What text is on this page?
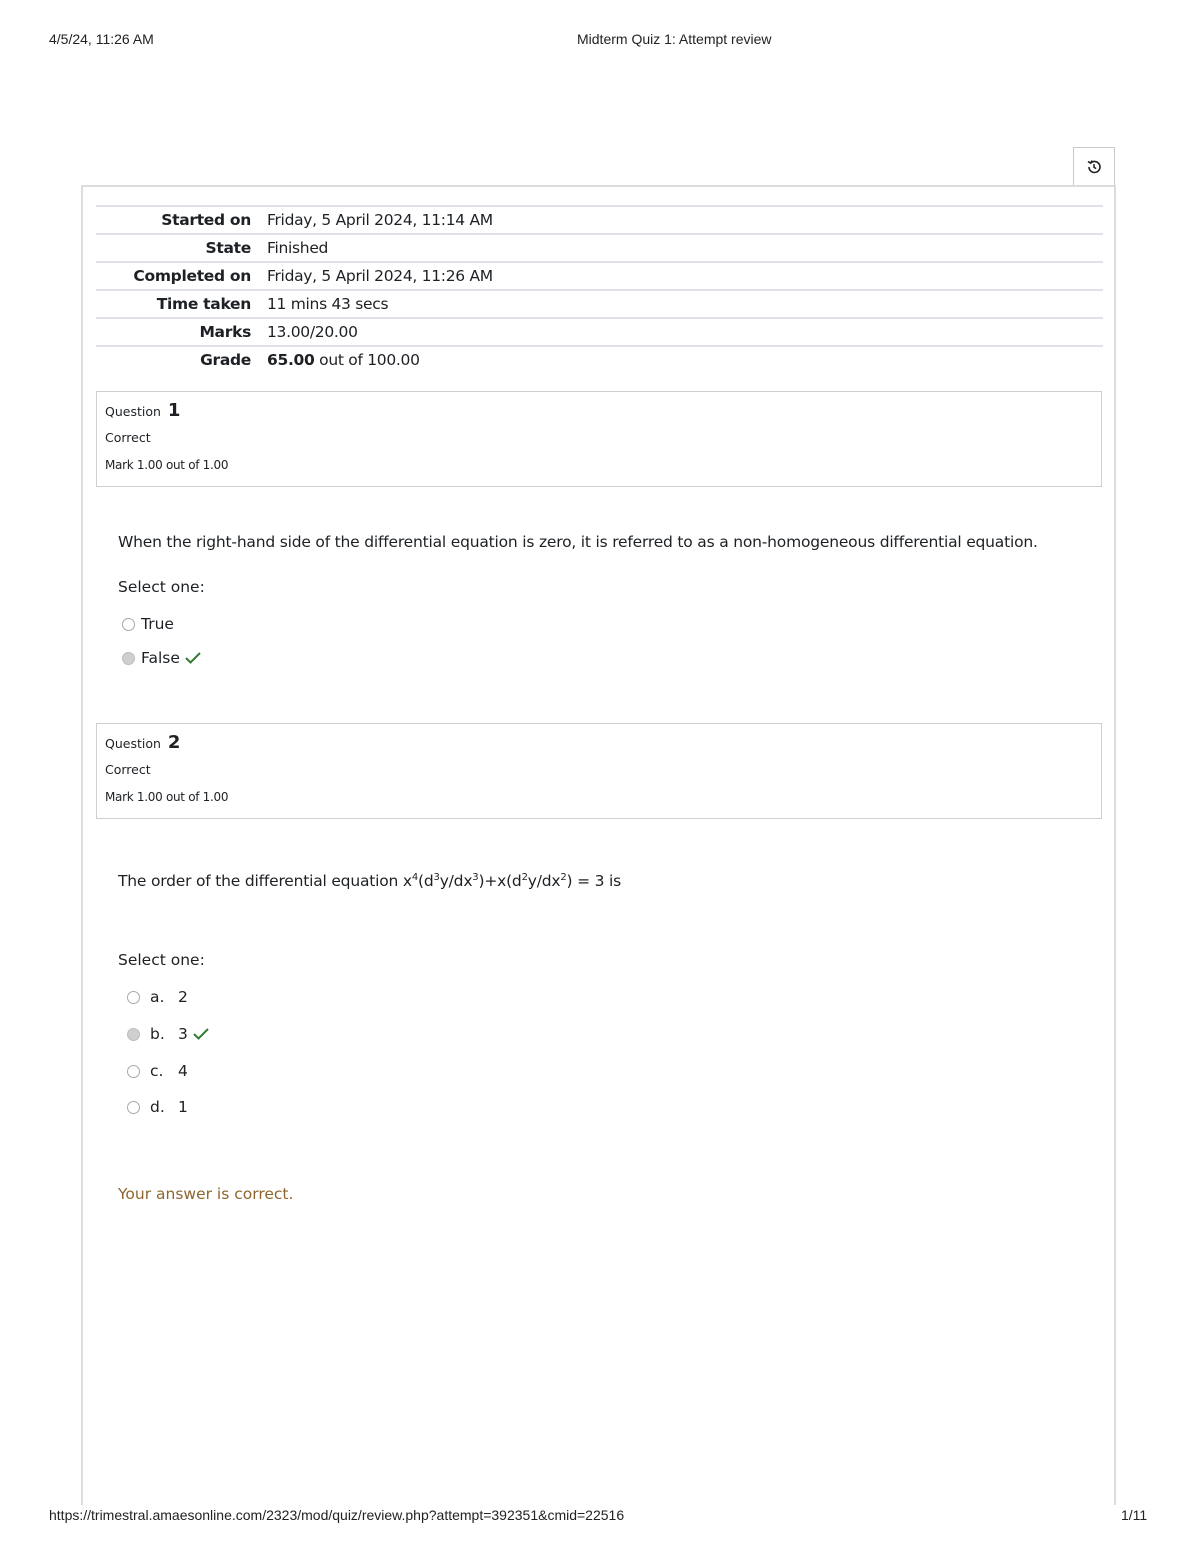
4/5/24, 11:26 AM	Midterm Quiz 1: Attempt review
Started on	Friday, 5 April 2024, 11:14 AM
State	Finished
Completed on	Friday, 5 April 2024, 11:26 AM
Time taken	11 mins 43 secs
Marks	13.00/20.00
Grade	65.00 out of 100.00
Question 1
Correct
Mark 1.00 out of 1.00
When the right-hand side of the differential equation is zero, it is referred to as a non-homogeneous differential equation.
Select one:
True
False
Question 2
Correct
Mark 1.00 out of 1.00
The order of the differential equation $x^4(d^3y/dx^3)+x(d^2y/dx^2) = 3$ is
Select one:
a. 2
b. 3
c. 4
d. 1
Your answer is correct.
https://trimestral.amaesonline.com/2323/mod/quiz/review.php?attempt=392351&cmid=22516	1/11
